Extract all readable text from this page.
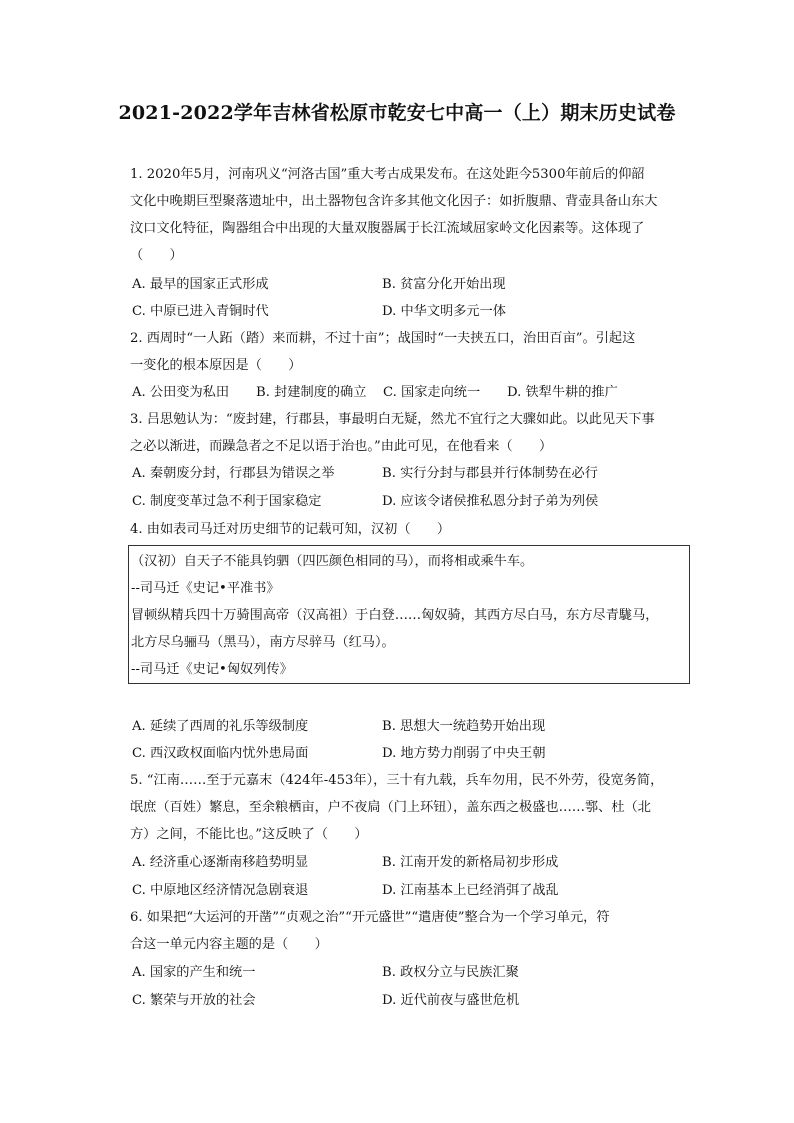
2021-2022学年吉林省松原市乾安七中高一（上）期末历史试卷
1. 2020年5月，河南巩义“河洛古国”重大考古成果发布。在这处距今5300年前后的仰韶
文化中晚期巨型聚落遗址中，出土器物包含许多其他文化因子：如折腹鼎、背壶具备山东大
汶口文化特征，陶器组合中出现的大量双腹器属于长江流域屈家岭文化因素等。这体现了
（　　）
A. 最早的国家正式形成	B. 贫富分化开始出现
C. 中原已进入青铜时代	D. 中华文明多元一体
2. 西周时“一人跖（踏）来而耕，不过十亩”；战国时“一夫挟五口，治田百亩”。引起这
一变化的根本原因是（　　）
A. 公田变为私田 B. 封建制度的确立 C. 国家走向统一 D. 铁犁牛耕的推广
3. 吕思勉认为：“废封建，行郡县，事最明白无疑，然尤不宜行之大骤如此。以此见天下事
之必以渐进，而躁急者之不足以语于治也。”由此可见，在他看来（　　）
A. 秦朝废分封，行郡县为错误之举	B. 实行分封与郡县并行体制势在必行
C. 制度变革过急不利于国家稳定	D. 应该令诸侯推私恩分封子弟为列侯
4. 由如表司马迁对历史细节的记载可知，汉初（　　）
（汉初）自天子不能具钧驷（四匹颜色相同的马），而将相或乘牛车。
--司马迁《史记•平准书》
冒顿纵精兵四十万骑围高帝（汉高祖）于白登……匈奴骑，其西方尽白马，东方尽青駹马，
北方尽乌骊马（黑马），南方尽骍马（红马）。
--司马迁《史记•匈奴列传》
A. 延续了西周的礼乐等级制度	B. 思想大一统趋势开始出现
C. 西汉政权面临内忧外患局面	D. 地方势力削弱了中央王朝
5. “江南……至于元嘉末（424年-453年），三十有九载，兵车勿用，民不外劳，役宽务简，
氓庶（百姓）繁息，至余粮栖亩，户不夜扃（门上环钮），盖东西之极盛也……鄠、杜（北
方）之间，不能比也。”这反映了（　　）
A. 经济重心逐渐南移趋势明显	B. 江南开发的新格局初步形成
C. 中原地区经济情况急剧衰退	D. 江南基本上已经消弭了战乱
6. 如果把“大运河的开凿”“贞观之治”“开元盛世”“遣唐使”整合为一个学习单元，符
合这一单元内容主题的是（　　）
A. 国家的产生和统一	B. 政权分立与民族汇聚
C. 繁荣与开放的社会	D. 近代前夜与盛世危机
